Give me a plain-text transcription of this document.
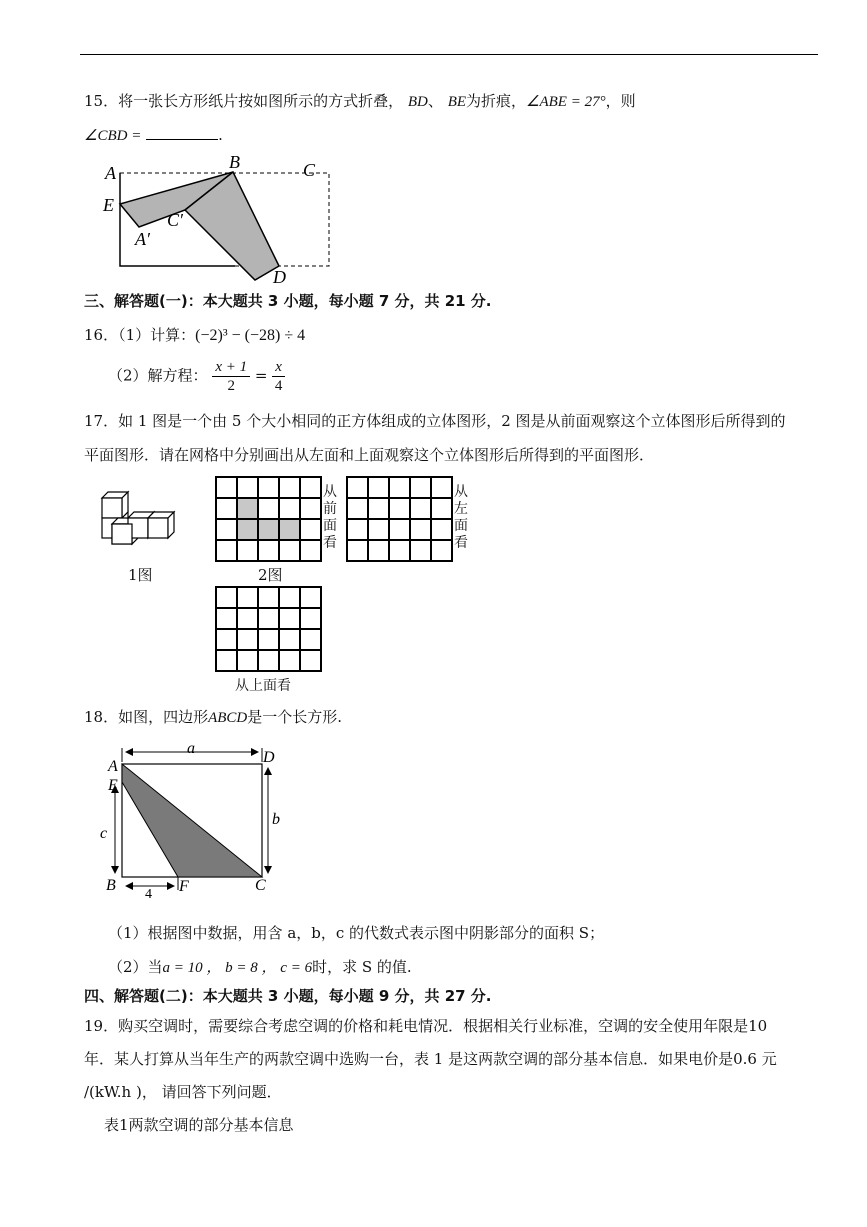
15．将一张长方形纸片按如图所示的方式折叠， BD、 BE为折痕，∠ABE = 27°，则
∠CBD =	.
A
B	C
D
E
A′
C′
三、解答题(一)：本大题共 3 小题，每小题 7 分，共 21 分.
16．（1）计算：(−2)³ − (−28) ÷ 4
（2）解方程： $\frac{x + 1}{2} = \frac{x}{4}$
17．如 1 图是一个由 5 个大小相同的正方体组成的立体图形，2 图是从前面观察这个立体图形后所得到的
平面图形．请在网格中分别画出从左面和上面观察这个立体图形后所得到的平面图形．
1图
从前面看
2图
从左面看
从上面看
18．如图，四边形ABCD是一个长方形.
A
E
B	C
D
F
a
b
c
4
（1）根据图中数据，用含 a，b，c 的代数式表示图中阴影部分的面积 S；
（2）当a = 10 ， b = 8 ， c = 6时，求 S 的值.
四、解答题(二)：本大题共 3 小题，每小题 9 分，共 27 分.
19．购买空调时，需要综合考虑空调的价格和耗电情况．根据相关行业标准，空调的安全使用年限是10
年．某人打算从当年生产的两款空调中选购一台，表 1 是这两款空调的部分基本信息．如果电价是0.6 元
/(kW.h )， 请回答下列问题．
表1两款空调的部分基本信息
